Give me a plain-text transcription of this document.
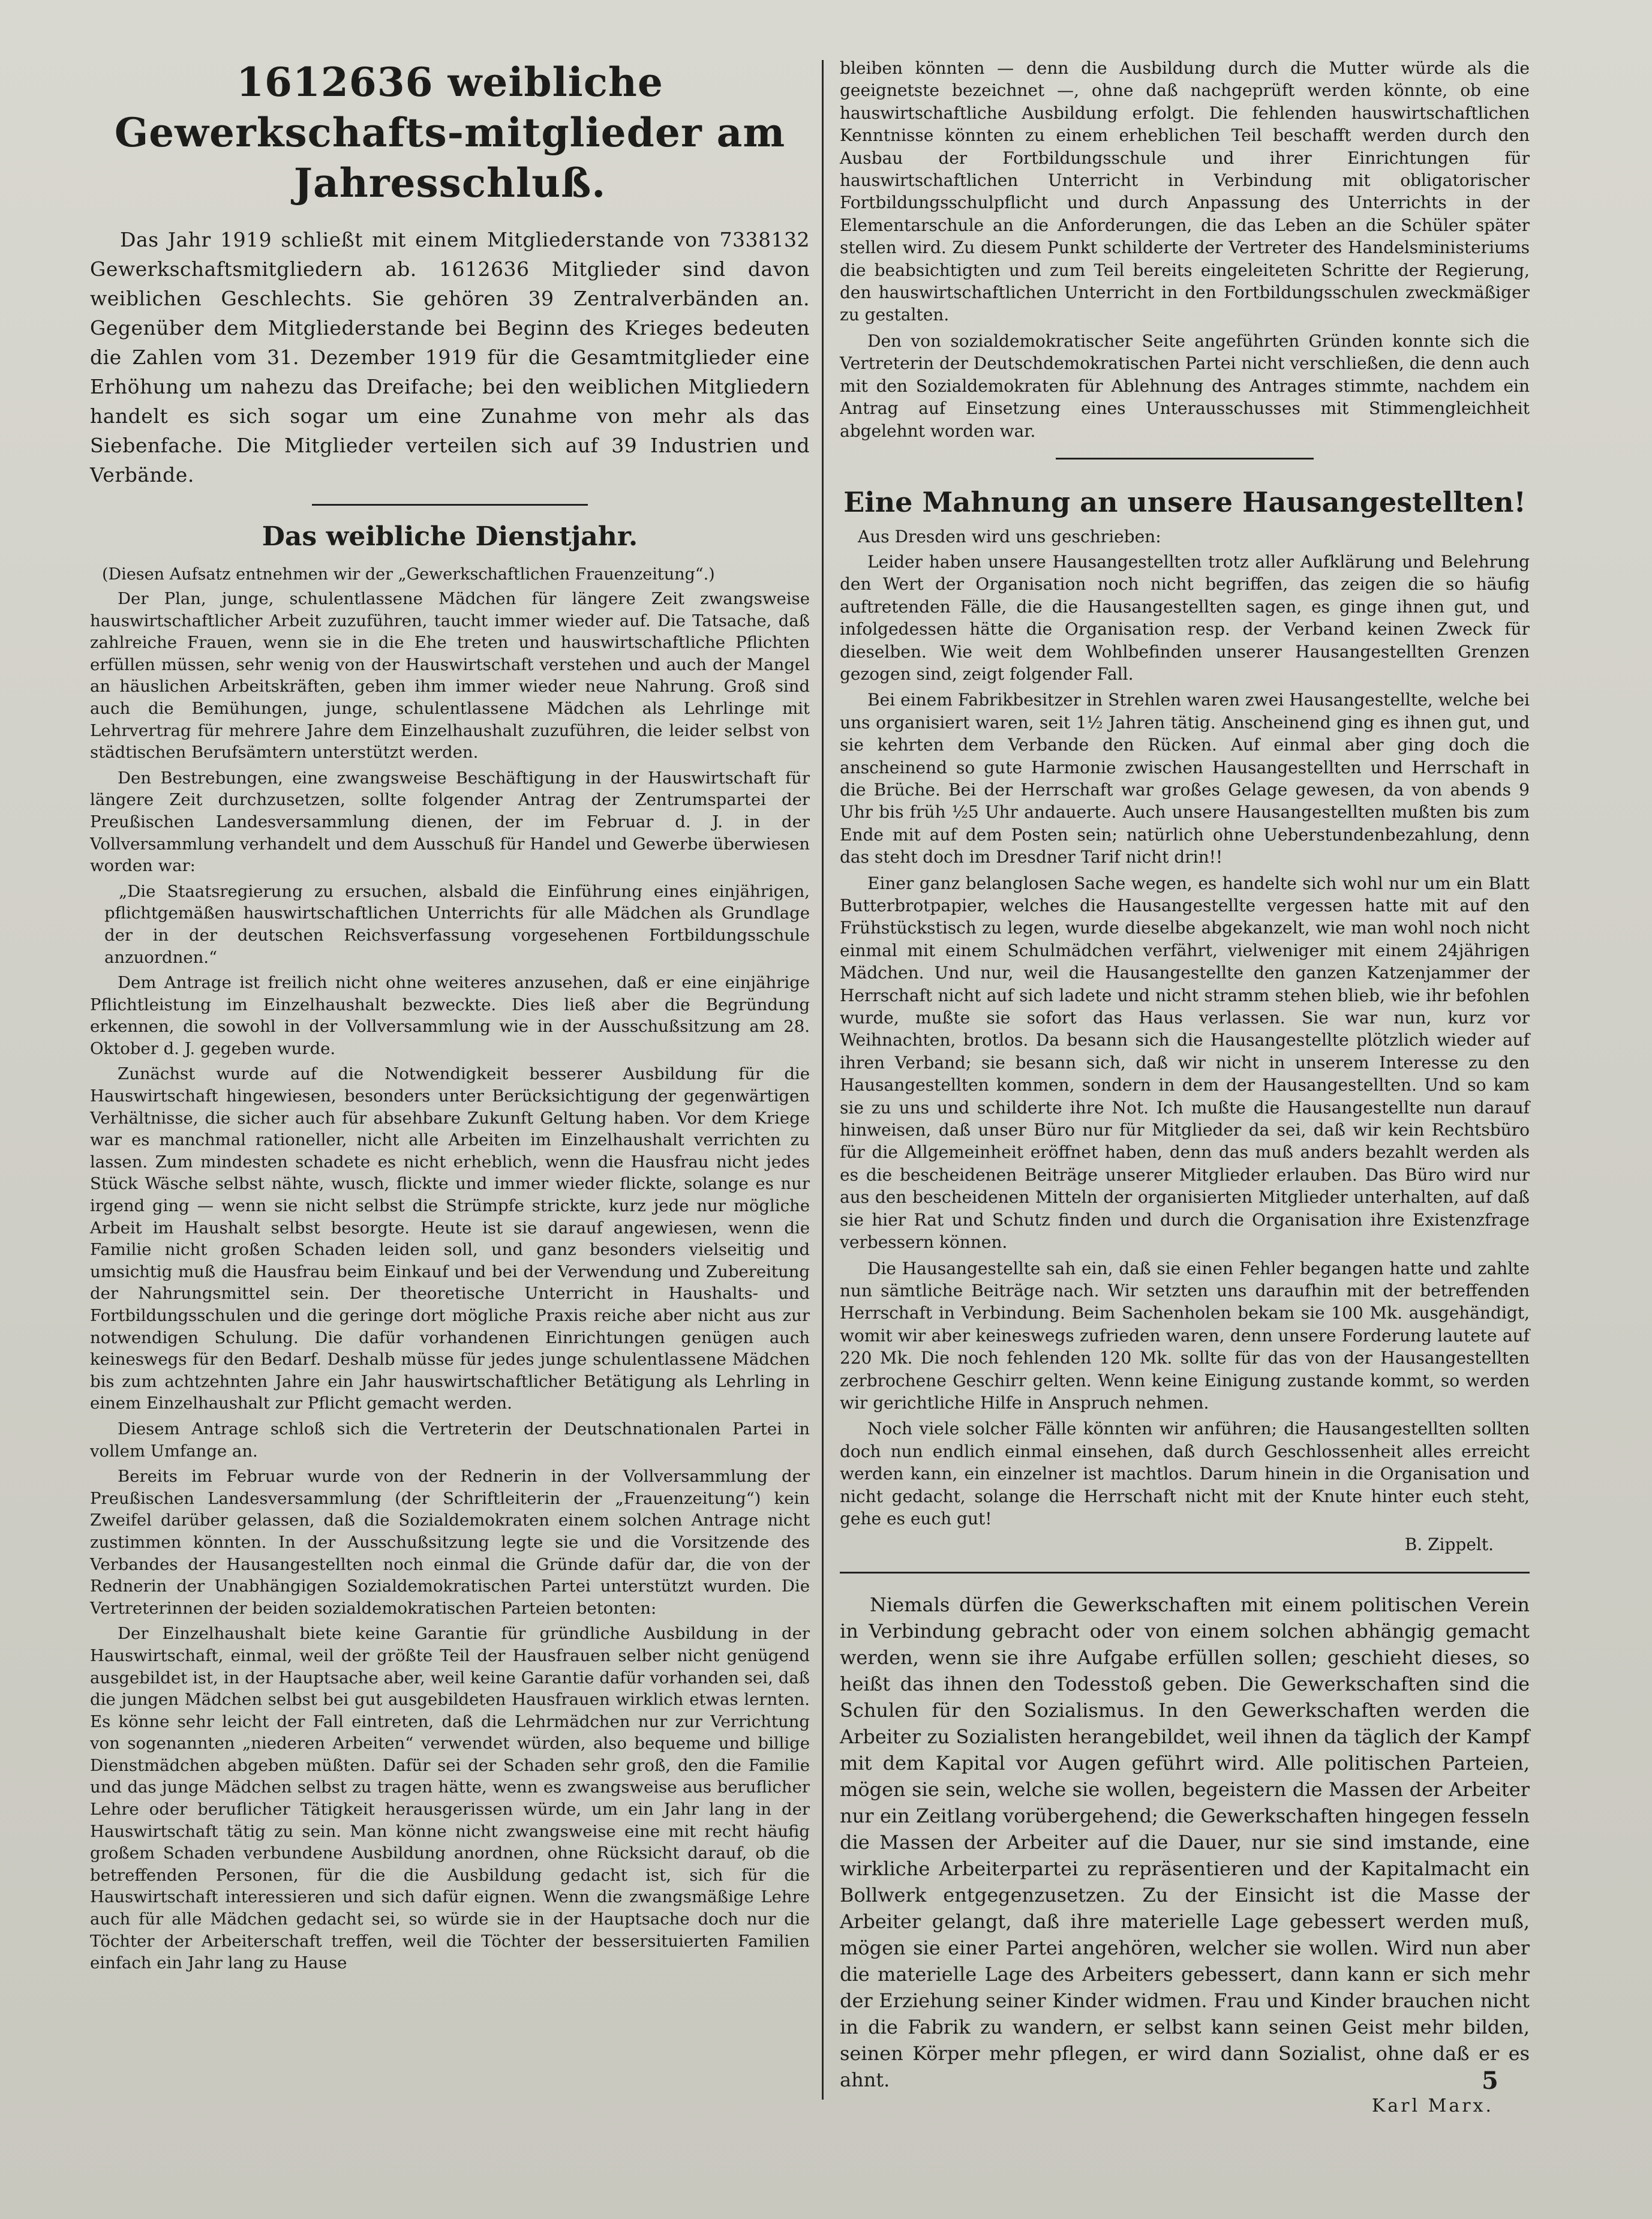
1612636 weibliche Gewerkschafts-mitglieder am Jahresschluß.

Das Jahr 1919 schließt mit einem Mitgliederstande von 7338132 Gewerkschaftsmitgliedern ab. 1612636 Mitglieder sind davon weiblichen Geschlechts. Sie gehören 39 Zentralverbänden an. Gegenüber dem Mitgliederstande bei Beginn des Krieges bedeuten die Zahlen vom 31. Dezember 1919 für die Gesamtmitglieder eine Erhöhung um nahezu das Dreifache; bei den weiblichen Mitgliedern handelt es sich sogar um eine Zunahme von mehr als das Siebenfache. Die Mitglieder verteilen sich auf 39 Industrien und Verbände.

Das weibliche Dienstjahr.

(Diesen Aufsatz entnehmen wir der „Gewerkschaftlichen Frauenzeitung“.)

Der Plan, junge, schulentlassene Mädchen für längere Zeit zwangsweise hauswirtschaftlicher Arbeit zuzuführen, taucht immer wieder auf. Die Tatsache, daß zahlreiche Frauen, wenn sie in die Ehe treten und hauswirtschaftliche Pflichten erfüllen müssen, sehr wenig von der Hauswirtschaft verstehen und auch der Mangel an häuslichen Arbeitskräften, geben ihm immer wieder neue Nahrung. Groß sind auch die Bemühungen, junge, schulentlassene Mädchen als Lehrlinge mit Lehrvertrag für mehrere Jahre dem Einzelhaushalt zuzuführen, die leider selbst von städtischen Berufsämtern unterstützt werden.

Den Bestrebungen, eine zwangsweise Beschäftigung in der Hauswirtschaft für längere Zeit durchzusetzen, sollte folgender Antrag der Zentrumspartei der Preußischen Landesversammlung dienen, der im Februar d. J. in der Vollversammlung verhandelt und dem Ausschuß für Handel und Gewerbe überwiesen worden war:

„Die Staatsregierung zu ersuchen, alsbald die Einführung eines einjährigen, pflichtgemäßen hauswirtschaftlichen Unterrichts für alle Mädchen als Grundlage der in der deutschen Reichsverfassung vorgesehenen Fortbildungsschule anzuordnen.“

Dem Antrage ist freilich nicht ohne weiteres anzusehen, daß er eine einjährige Pflichtleistung im Einzelhaushalt bezweckte. Dies ließ aber die Begründung erkennen, die sowohl in der Vollversammlung wie in der Ausschußsitzung am 28. Oktober d. J. gegeben wurde.

Zunächst wurde auf die Notwendigkeit besserer Ausbildung für die Hauswirtschaft hingewiesen, besonders unter Berücksichtigung der gegenwärtigen Verhältnisse, die sicher auch für absehbare Zukunft Geltung haben. Vor dem Kriege war es manchmal rationeller, nicht alle Arbeiten im Einzelhaushalt verrichten zu lassen. Zum mindesten schadete es nicht erheblich, wenn die Hausfrau nicht jedes Stück Wäsche selbst nähte, wusch, flickte und immer wieder flickte, solange es nur irgend ging — wenn sie nicht selbst die Strümpfe strickte, kurz jede nur mögliche Arbeit im Haushalt selbst besorgte. Heute ist sie darauf angewiesen, wenn die Familie nicht großen Schaden leiden soll, und ganz besonders vielseitig und umsichtig muß die Hausfrau beim Einkauf und bei der Verwendung und Zubereitung der Nahrungsmittel sein. Der theoretische Unterricht in Haushalts- und Fortbildungsschulen und die geringe dort mögliche Praxis reiche aber nicht aus zur notwendigen Schulung. Die dafür vorhandenen Einrichtungen genügen auch keineswegs für den Bedarf. Deshalb müsse für jedes junge schulentlassene Mädchen bis zum achtzehnten Jahre ein Jahr hauswirtschaftlicher Betätigung als Lehrling in einem Einzelhaushalt zur Pflicht gemacht werden.

Diesem Antrage schloß sich die Vertreterin der Deutschnationalen Partei in vollem Umfange an.

Bereits im Februar wurde von der Rednerin in der Vollversammlung der Preußischen Landesversammlung (der Schriftleiterin der „Frauenzeitung“) kein Zweifel darüber gelassen, daß die Sozialdemokraten einem solchen Antrage nicht zustimmen könnten. In der Ausschußsitzung legte sie und die Vorsitzende des Verbandes der Hausangestellten noch einmal die Gründe dafür dar, die von der Rednerin der Unabhängigen Sozialdemokratischen Partei unterstützt wurden. Die Vertreterinnen der beiden sozialdemokratischen Parteien betonten:

Der Einzelhaushalt biete keine Garantie für gründliche Ausbildung in der Hauswirtschaft, einmal, weil der größte Teil der Hausfrauen selber nicht genügend ausgebildet ist, in der Hauptsache aber, weil keine Garantie dafür vorhanden sei, daß die jungen Mädchen selbst bei gut ausgebildeten Hausfrauen wirklich etwas lernten. Es könne sehr leicht der Fall eintreten, daß die Lehrmädchen nur zur Verrichtung von sogenannten „niederen Arbeiten“ verwendet würden, also bequeme und billige Dienstmädchen abgeben müßten. Dafür sei der Schaden sehr groß, den die Familie und das junge Mädchen selbst zu tragen hätte, wenn es zwangsweise aus beruflicher Lehre oder beruflicher Tätigkeit herausgerissen würde, um ein Jahr lang in der Hauswirtschaft tätig zu sein. Man könne nicht zwangsweise eine mit recht häufig großem Schaden verbundene Ausbildung anordnen, ohne Rücksicht darauf, ob die betreffenden Personen, für die die Ausbildung gedacht ist, sich für die Hauswirtschaft interessieren und sich dafür eignen. Wenn die zwangsmäßige Lehre auch für alle Mädchen gedacht sei, so würde sie in der Hauptsache doch nur die Töchter der Arbeiterschaft treffen, weil die Töchter der bessersituierten Familien einfach ein Jahr lang zu Hause

bleiben könnten — denn die Ausbildung durch die Mutter würde als die geeignetste bezeichnet —, ohne daß nachgeprüft werden könnte, ob eine hauswirtschaftliche Ausbildung erfolgt. Die fehlenden hauswirtschaftlichen Kenntnisse könnten zu einem erheblichen Teil beschafft werden durch den Ausbau der Fortbildungsschule und ihrer Einrichtungen für hauswirtschaftlichen Unterricht in Verbindung mit obligatorischer Fortbildungsschulpflicht und durch Anpassung des Unterrichts in der Elementarschule an die Anforderungen, die das Leben an die Schüler später stellen wird. Zu diesem Punkt schilderte der Vertreter des Handelsministeriums die beabsichtigten und zum Teil bereits eingeleiteten Schritte der Regierung, den hauswirtschaftlichen Unterricht in den Fortbildungsschulen zweckmäßiger zu gestalten.

Den von sozialdemokratischer Seite angeführten Gründen konnte sich die Vertreterin der Deutschdemokratischen Partei nicht verschließen, die denn auch mit den Sozialdemokraten für Ablehnung des Antrages stimmte, nachdem ein Antrag auf Einsetzung eines Unterausschusses mit Stimmengleichheit abgelehnt worden war.

Eine Mahnung an unsere Hausangestellten!

Aus Dresden wird uns geschrieben:

Leider haben unsere Hausangestellten trotz aller Aufklärung und Belehrung den Wert der Organisation noch nicht begriffen, das zeigen die so häufig auftretenden Fälle, die die Hausangestellten sagen, es ginge ihnen gut, und infolgedessen hätte die Organisation resp. der Verband keinen Zweck für dieselben. Wie weit dem Wohlbefinden unserer Hausangestellten Grenzen gezogen sind, zeigt folgender Fall.

Bei einem Fabrikbesitzer in Strehlen waren zwei Hausangestellte, welche bei uns organisiert waren, seit 1½ Jahren tätig. Anscheinend ging es ihnen gut, und sie kehrten dem Verbande den Rücken. Auf einmal aber ging doch die anscheinend so gute Harmonie zwischen Hausangestellten und Herrschaft in die Brüche. Bei der Herrschaft war großes Gelage gewesen, da von abends 9 Uhr bis früh ½5 Uhr andauerte. Auch unsere Hausangestellten mußten bis zum Ende mit auf dem Posten sein; natürlich ohne Ueberstundenbezahlung, denn das steht doch im Dresdner Tarif nicht drin!!

Einer ganz belanglosen Sache wegen, es handelte sich wohl nur um ein Blatt Butterbrotpapier, welches die Hausangestellte vergessen hatte mit auf den Frühstückstisch zu legen, wurde dieselbe abgekanzelt, wie man wohl noch nicht einmal mit einem Schulmädchen verfährt, vielweniger mit einem 24jährigen Mädchen. Und nur, weil die Hausangestellte den ganzen Katzenjammer der Herrschaft nicht auf sich ladete und nicht stramm stehen blieb, wie ihr befohlen wurde, mußte sie sofort das Haus verlassen. Sie war nun, kurz vor Weihnachten, brotlos. Da besann sich die Hausangestellte plötzlich wieder auf ihren Verband; sie besann sich, daß wir nicht in unserem Interesse zu den Hausangestellten kommen, sondern in dem der Hausangestellten. Und so kam sie zu uns und schilderte ihre Not. Ich mußte die Hausangestellte nun darauf hinweisen, daß unser Büro nur für Mitglieder da sei, daß wir kein Rechtsbüro für die Allgemeinheit eröffnet haben, denn das muß anders bezahlt werden als es die bescheidenen Beiträge unserer Mitglieder erlauben. Das Büro wird nur aus den bescheidenen Mitteln der organisierten Mitglieder unterhalten, auf daß sie hier Rat und Schutz finden und durch die Organisation ihre Existenzfrage verbessern können.

Die Hausangestellte sah ein, daß sie einen Fehler begangen hatte und zahlte nun sämtliche Beiträge nach. Wir setzten uns daraufhin mit der betreffenden Herrschaft in Verbindung. Beim Sachenholen bekam sie 100 Mk. ausgehändigt, womit wir aber keineswegs zufrieden waren, denn unsere Forderung lautete auf 220 Mk. Die noch fehlenden 120 Mk. sollte für das von der Hausangestellten zerbrochene Geschirr gelten. Wenn keine Einigung zustande kommt, so werden wir gerichtliche Hilfe in Anspruch nehmen.

Noch viele solcher Fälle könnten wir anführen; die Hausangestellten sollten doch nun endlich einmal einsehen, daß durch Geschlossenheit alles erreicht werden kann, ein einzelner ist machtlos. Darum hinein in die Organisation und nicht gedacht, solange die Herrschaft nicht mit der Knute hinter euch steht, gehe es euch gut!

B. Zippelt.

Niemals dürfen die Gewerkschaften mit einem politischen Verein in Verbindung gebracht oder von einem solchen abhängig gemacht werden, wenn sie ihre Aufgabe erfüllen sollen; geschieht dieses, so heißt das ihnen den Todesstoß geben. Die Gewerkschaften sind die Schulen für den Sozialismus. In den Gewerkschaften werden die Arbeiter zu Sozialisten herangebildet, weil ihnen da täglich der Kampf mit dem Kapital vor Augen geführt wird. Alle politischen Parteien, mögen sie sein, welche sie wollen, begeistern die Massen der Arbeiter nur ein Zeitlang vorübergehend; die Gewerkschaften hingegen fesseln die Massen der Arbeiter auf die Dauer, nur sie sind imstande, eine wirkliche Arbeiterpartei zu repräsentieren und der Kapitalmacht ein Bollwerk entgegenzusetzen. Zu der Einsicht ist die Masse der Arbeiter gelangt, daß ihre materielle Lage gebessert werden muß, mögen sie einer Partei angehören, welcher sie wollen. Wird nun aber die materielle Lage des Arbeiters gebessert, dann kann er sich mehr der Erziehung seiner Kinder widmen. Frau und Kinder brauchen nicht in die Fabrik zu wandern, er selbst kann seinen Geist mehr bilden, seinen Körper mehr pflegen, er wird dann Sozialist, ohne daß er es ahnt.

Karl Marx.

5
